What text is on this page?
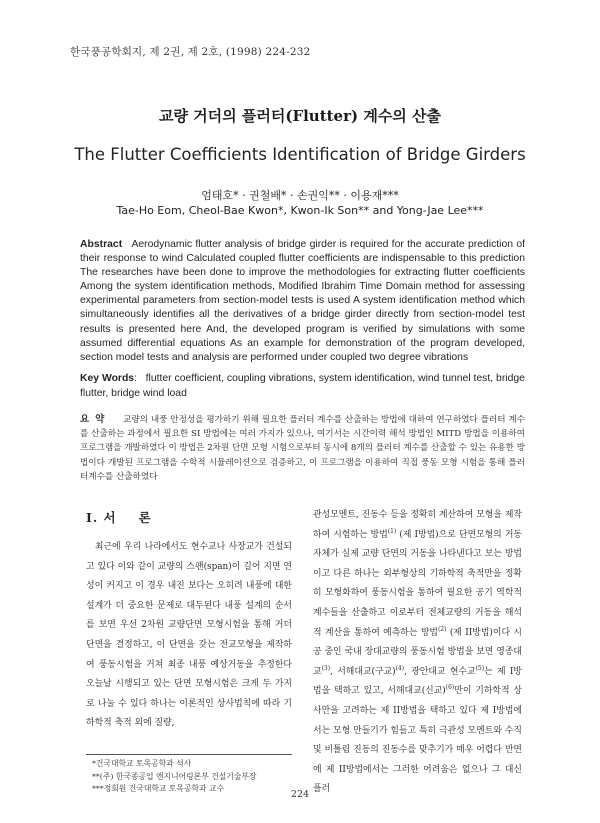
한국풍공학회지, 제 2권, 제 2호, (1998) 224-232
교량 거더의 플러터(Flutter) 계수의 산출
The Flutter Coefficients Identification of Bridge Girders
엄태호* · 권철배* · 손권익** · 이용재***
Tae-Ho Eom, Cheol-Bae Kwon*, Kwon-Ik Son** and Yong-Jae Lee***
Abstract Aerodynamic flutter analysis of bridge girder is required for the accurate prediction of their response to wind Calculated coupled flutter coefficients are indispensable to this prediction The researches have been done to improve the methodologies for extracting flutter coefficients Among the system identification methods, Modified Ibrahim Time Domain method for assessing experimental parameters from section-model tests is used A system identification method which simultaneously identifies all the derivatives of a bridge girder directly from section-model test results is presented here And, the developed program is verified by simulations with some assumed differential equations As an example for demonstration of the program developed, section model tests and analysis are performed under coupled two degree vibrations
Key Words: flutter coefficient, coupling vibrations, system identification, wind tunnel test, bridge flutter, bridge wind load
요약 교량의 내풍 안정성을 평가하기 위해 필요한 플러터 계수를 산출하는 방법에 대하여 연구하였다 플러터 계수를 산출하는 과정에서 필요한 SI 방법에는 여러 가지가 있으나, 여기서는 시간이력 해석 방법인 MITD 방법을 이용하여 프로그램을 개발하였다 이 방법은 2차원 단면 모형 시험으로부터 동시에 8개의 플러터 계수를 산출할 수 있는 유용한 방법이다 개발된 프로그램을 수학적 시뮬레이션으로 검증하고, 이 프로그램을 이용하여 직접 풍동 모형 시험을 통해 플러터계수를 산출하였다
I. 서 론
최근에 우리 나라에서도 현수교나 사장교가 건설되고 있다 이와 같이 교량의 스팬(span)이 길어 지면 연성이 커지고 이 경우 내진 보다는 오히려 내풍에 대한 설계가 더 중요한 문제로 대두된다 내풍 설계의 순서를 보면 우선 2차원 교량단면 모형시험을 통해 거더 단면을 결정하고, 이 단면을 갖는 전교모형을 제작하여 풍동시험을 거쳐 최종 내풍 예상거동을 추정한다 오늘날 시행되고 있는 단면 모형시험은 크게 두 가지로 나눌 수 있다 하나는 이론적인 상사법칙에 따라 기하학적 축적 외에 질량,
관성모멘트, 진동수 등을 정확히 계산하여 모형을 제작하여 시험하는 방법$^{(1)}$ (제 I방법)으로 단면모형의 거동 자체가 실제 교량 단면의 거동을 나타낸다고 보는 방법이고 다른 하나는 외부형상의 기하학적 축적만을 정확히 모형화하여 풍동시험을 통하여 필요한 공기 역학적 계수들을 산출하고 이로부터 전체교량의 거동을 해석적 계산을 통하여 예측하는 방법$^{(2)}$ (제 II방법)이다 시공 중인 국내 장대교량의 풍동시험 방법을 보면 영종대교$^{(3)}$, 서해대교(구교)$^{(4)}$, 광안대교 현수교$^{(5)}$는 제 I방법을 택하고 있고, 서해대교(신교)$^{(6)}$만이 기하학적 상사만을 고려하는 제 II방법을 택하고 있다 제 I방법에서는 모형 만들기가 힘들고 특히 극관성 모멘트와 수직 및 비틀림 진동의 진동수를 맞추기가 매우 어렵다 반면에 제 II방법에서는 그러한 어려움은 없으나 그 대신 플러
*건국대학교 토목공학과 석사
**(주) 한국종공업 엔지니어링본부 건설기술부장
***정회원 건국대학교 토목공학과 교수
224
